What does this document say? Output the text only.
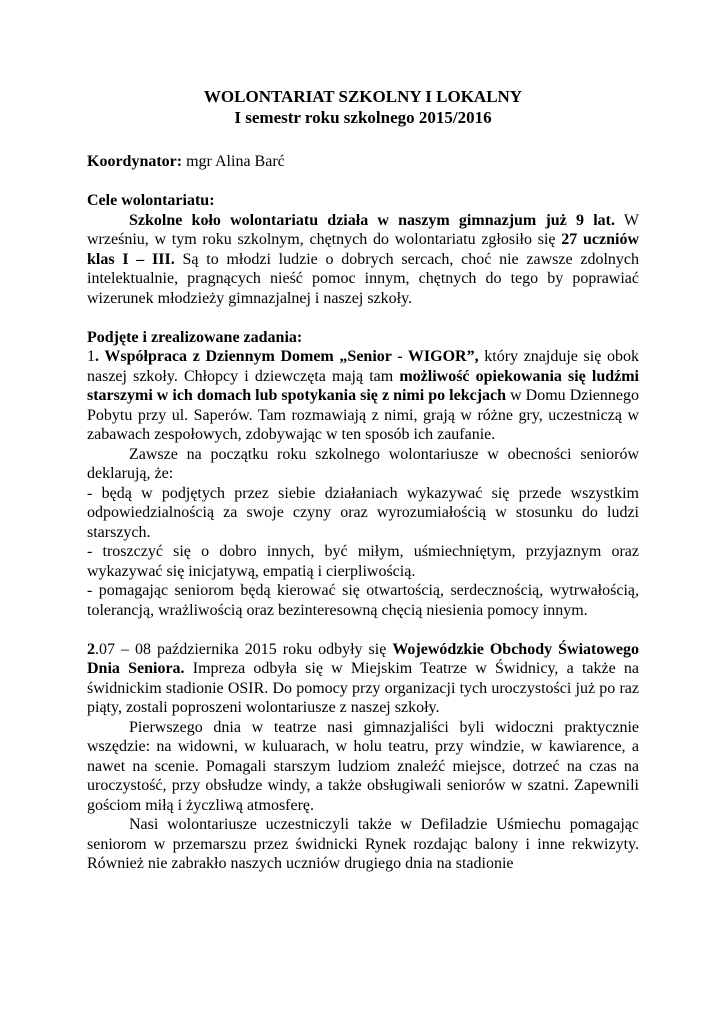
WOLONTARIAT SZKOLNY I LOKALNY
I semestr roku szkolnego 2015/2016

Koordynator: mgr Alina Barć

Cele wolontariatu:

Szkolne koło wolontariatu działa w naszym gimnazjum już 9 lat. W wrześniu, w tym roku szkolnym, chętnych do wolontariatu zgłosiło się 27 uczniów klas I – III. Są to młodzi ludzie o dobrych sercach, choć nie zawsze zdolnych intelektualnie, pragnących nieść pomoc innym, chętnych do tego by poprawiać wizerunek młodzieży gimnazjalnej i naszej szkoły.

Podjęte i zrealizowane zadania:

1. Współpraca z Dziennym Domem „Senior - WIGOR”, który znajduje się obok naszej szkoły. Chłopcy i dziewczęta mają tam możliwość opiekowania się ludźmi starszymi w ich domach lub spotykania się z nimi po lekcjach w Domu Dziennego Pobytu przy ul. Saperów. Tam rozmawiają z nimi, grają w różne gry, uczestniczą w zabawach zespołowych, zdobywając w ten sposób ich zaufanie.

Zawsze na początku roku szkolnego wolontariusze w obecności seniorów deklarują, że:

- będą w podjętych przez siebie działaniach wykazywać się przede wszystkim odpowiedzialnością za swoje czyny oraz wyrozumiałością w stosunku do ludzi starszych.

- troszczyć się o dobro innych, być miłym, uśmiechniętym, przyjaznym oraz wykazywać się inicjatywą, empatią i cierpliwością.

- pomagając seniorom będą kierować się otwartością, serdecznością, wytrwałością, tolerancją, wrażliwością oraz bezinteresowną chęcią niesienia pomocy innym.

2.07 – 08 października 2015 roku odbyły się Wojewódzkie Obchody Światowego Dnia Seniora. Impreza odbyła się w Miejskim Teatrze w Świdnicy, a także na świdnickim stadionie OSIR. Do pomocy przy organizacji tych uroczystości już po raz piąty, zostali poproszeni wolontariusze z naszej szkoły.

Pierwszego dnia w teatrze nasi gimnazjaliści byli widoczni praktycznie wszędzie: na widowni, w kuluarach, w holu teatru, przy windzie, w kawiarence, a nawet na scenie. Pomagali starszym ludziom znaleźć miejsce, dotrzeć na czas na uroczystość, przy obsłudze windy, a także obsługiwali seniorów w szatni. Zapewnili gościom miłą i życzliwą atmosferę.

Nasi wolontariusze uczestniczyli także w Defiladzie Uśmiechu pomagając seniorom w przemarszu przez świdnicki Rynek rozdając balony i inne rekwizyty. Również nie zabrakło naszych uczniów drugiego dnia na stadionie
